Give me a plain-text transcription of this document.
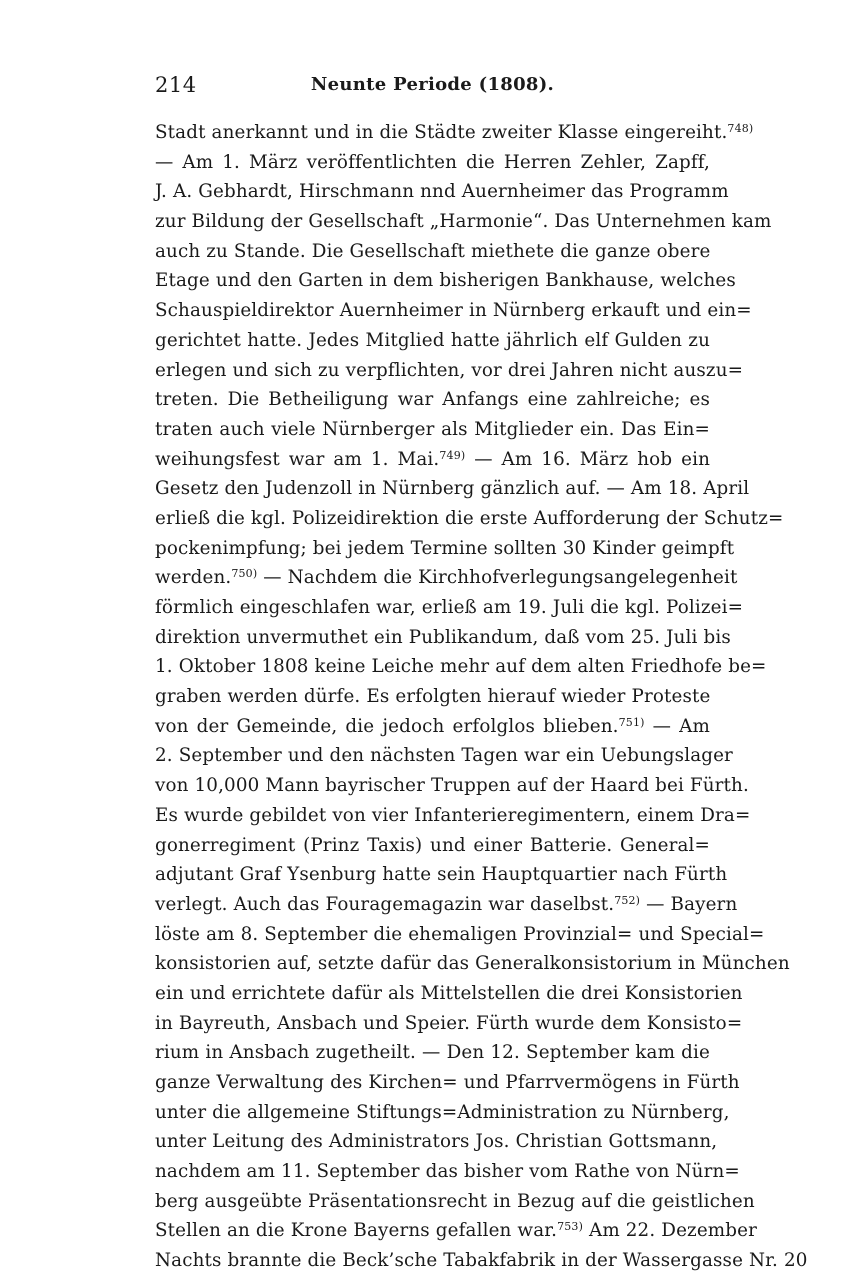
214	Neunte Periode (1808).
Stadt anerkannt und in die Städte zweiter Klasse eingereiht.$^{748)}$
— Am 1. März veröffentlichten die Herren Zehler, Zapff,
J. A. Gebhardt, Hirschmann nnd Auernheimer das Programm
zur Bildung der Gesellschaft „Harmonie“. Das Unternehmen kam
auch zu Stande. Die Gesellschaft miethete die ganze obere
Etage und den Garten in dem bisherigen Bankhause, welches
Schauspieldirektor Auernheimer in Nürnberg erkauft und ein=
gerichtet hatte. Jedes Mitglied hatte jährlich elf Gulden zu
erlegen und sich zu verpflichten, vor drei Jahren nicht auszu=
treten. Die Betheiligung war Anfangs eine zahlreiche; es
traten auch viele Nürnberger als Mitglieder ein. Das Ein=
weihungsfest war am 1. Mai.$^{749)}$ — Am 16. März hob ein
Gesetz den Judenzoll in Nürnberg gänzlich auf. — Am 18. April
erließ die kgl. Polizeidirektion die erste Aufforderung der Schutz=
pockenimpfung; bei jedem Termine sollten 30 Kinder geimpft
werden.$^{750)}$ — Nachdem die Kirchhofverlegungsangelegenheit
förmlich eingeschlafen war, erließ am 19. Juli die kgl. Polizei=
direktion unvermuthet ein Publikandum, daß vom 25. Juli bis
1. Oktober 1808 keine Leiche mehr auf dem alten Friedhofe be=
graben werden dürfe. Es erfolgten hierauf wieder Proteste
von der Gemeinde, die jedoch erfolglos blieben.$^{751)}$ — Am
2. September und den nächsten Tagen war ein Uebungslager
von 10,000 Mann bayrischer Truppen auf der Haard bei Fürth.
Es wurde gebildet von vier Infanterieregimentern, einem Dra=
gonerregiment (Prinz Taxis) und einer Batterie. General=
adjutant Graf Ysenburg hatte sein Hauptquartier nach Fürth
verlegt. Auch das Fouragemagazin war daselbst.$^{752)}$ — Bayern
löste am 8. September die ehemaligen Provinzial= und Special=
konsistorien auf, setzte dafür das Generalkonsistorium in München
ein und errichtete dafür als Mittelstellen die drei Konsistorien
in Bayreuth, Ansbach und Speier. Fürth wurde dem Konsisto=
rium in Ansbach zugetheilt. — Den 12. September kam die
ganze Verwaltung des Kirchen= und Pfarrvermögens in Fürth
unter die allgemeine Stiftungs=Administration zu Nürnberg,
unter Leitung des Administrators Jos. Christian Gottsmann,
nachdem am 11. September das bisher vom Rathe von Nürn=
berg ausgeübte Präsentationsrecht in Bezug auf die geistlichen
Stellen an die Krone Bayerns gefallen war.$^{753)}$ Am 22. Dezember
Nachts brannte die Beck’sche Tabakfabrik in der Wassergasse Nr. 20
